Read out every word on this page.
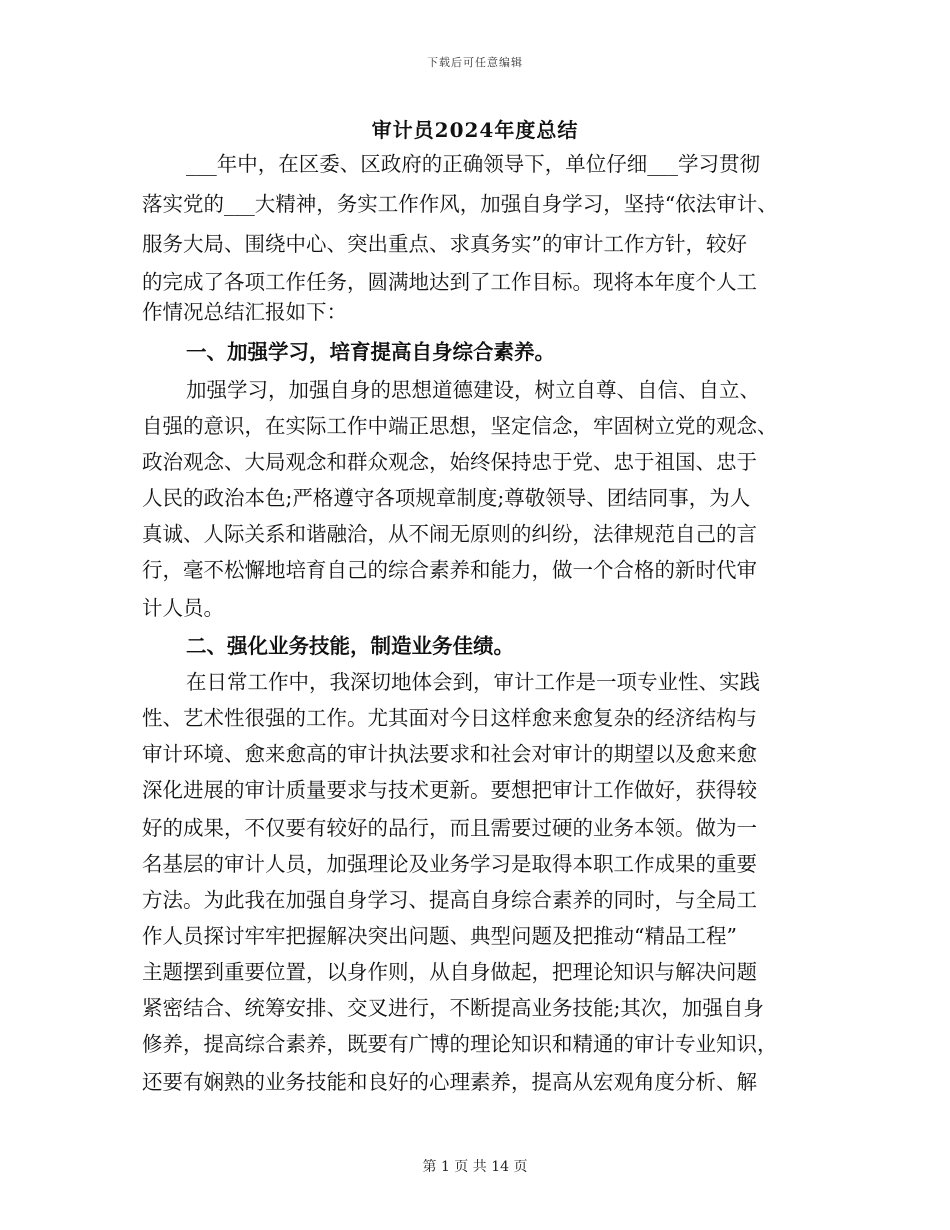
下载后可任意编辑
审计员2024年度总结
___年中，在区委、区政府的正确领导下，单位仔细___学习贯彻
落实党的___大精神，务实工作作风，加强自身学习，坚持“依法审计、
服务大局、围绕中心、突出重点、求真务实”的审计工作方针，较好
的完成了各项工作任务，圆满地达到了工作目标。现将本年度个人工
作情况总结汇报如下：
一、加强学习，培育提高自身综合素养。
加强学习，加强自身的思想道德建设，树立自尊、自信、自立、
自强的意识，在实际工作中端正思想，坚定信念，牢固树立党的观念、
政治观念、大局观念和群众观念，始终保持忠于党、忠于祖国、忠于
人民的政治本色;严格遵守各项规章制度;尊敬领导、团结同事，为人
真诚、人际关系和谐融洽，从不闹无原则的纠纷，法律规范自己的言
行，毫不松懈地培育自己的综合素养和能力，做一个合格的新时代审
计人员。
二、强化业务技能，制造业务佳绩。
在日常工作中，我深切地体会到，审计工作是一项专业性、实践
性、艺术性很强的工作。尤其面对今日这样愈来愈复杂的经济结构与
审计环境、愈来愈高的审计执法要求和社会对审计的期望以及愈来愈
深化进展的审计质量要求与技术更新。要想把审计工作做好，获得较
好的成果，不仅要有较好的品行，而且需要过硬的业务本领。做为一
名基层的审计人员，加强理论及业务学习是取得本职工作成果的重要
方法。为此我在加强自身学习、提高自身综合素养的同时，与全局工
作人员探讨牢牢把握解决突出问题、典型问题及把推动“精品工程”
主题摆到重要位置，以身作则，从自身做起，把理论知识与解决问题
紧密结合、统筹安排、交叉进行，不断提高业务技能;其次，加强自身
修养，提高综合素养，既要有广博的理论知识和精通的审计专业知识，
还要有娴熟的业务技能和良好的心理素养，提高从宏观角度分析、解
第 1 页 共 14 页
